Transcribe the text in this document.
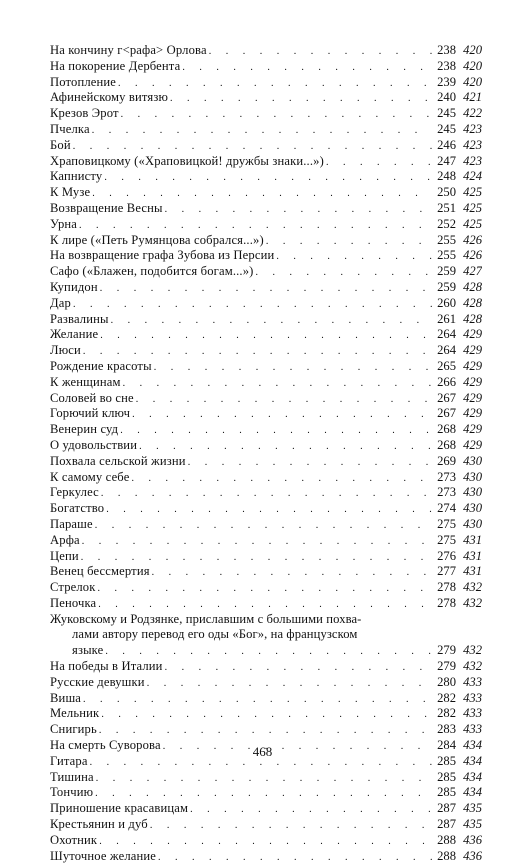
На кончину г<рафа> Орлова . . .	238 420
На покорение Дербента . . .	238 420
Потопление . . .	239 420
Афинейскому витязю . . .	240 421
Крезов Эрот . . .	245 422
Пчелка . . .	245 423
Бой . . .	246 423
Храповицкому («Храповицкой! дружбы знаки...») . . .	247 423
Капнисту . . .	248 424
К Музе . . .	250 425
Возвращение Весны . . .	251 425
Урна . . .	252 425
К лире («Петь Румянцова собрался...») . . .	255 426
На возвращение графа Зубова из Персии . . .	255 426
Сафо («Блажен, подобится богам...») . . .	259 427
Купидон . . .	259 428
Дар . . .	260 428
Развалины . . .	261 428
Желание . . .	264 429
Люси . . .	264 429
Рождение красоты . . .	265 429
К женщинам . . .	266 429
Соловей во сне . . .	267 429
Горючий ключ . . .	267 429
Венерин суд . . .	268 429
О удовольствии . . .	268 429
Похвала сельской жизни . . .	269 430
К самому себе . . .	273 430
Геркулес . . .	273 430
Богатство . . .	274 430
Параше . . .	275 430
Арфа . . .	275 431
Цепи . . .	276 431
Венец бессмертия . . .	277 431
Стрелок . . .	278 432
Пеночка . . .	278 432
Жуковскому и Родзянке, приславшим с большими похва-
лами автору перевод его оды «Бог», на французском
языке . . .	279 432
На победы в Италии . . .	279 432
Русские девушки . . .	280 433
Виша . . .	282 433
Мельник . . .	282 433
Снигирь . . .	283 433
На смерть Суворова . . .	284 434
Гитара . . .	285 434
Тишина . . .	285 434
Тончию . . .	285 434
Приношение красавицам . . .	287 435
Крестьянин и дуб . . .	287 435
Охотник . . .	288 436
Шуточное желание . . .	288 436
468
